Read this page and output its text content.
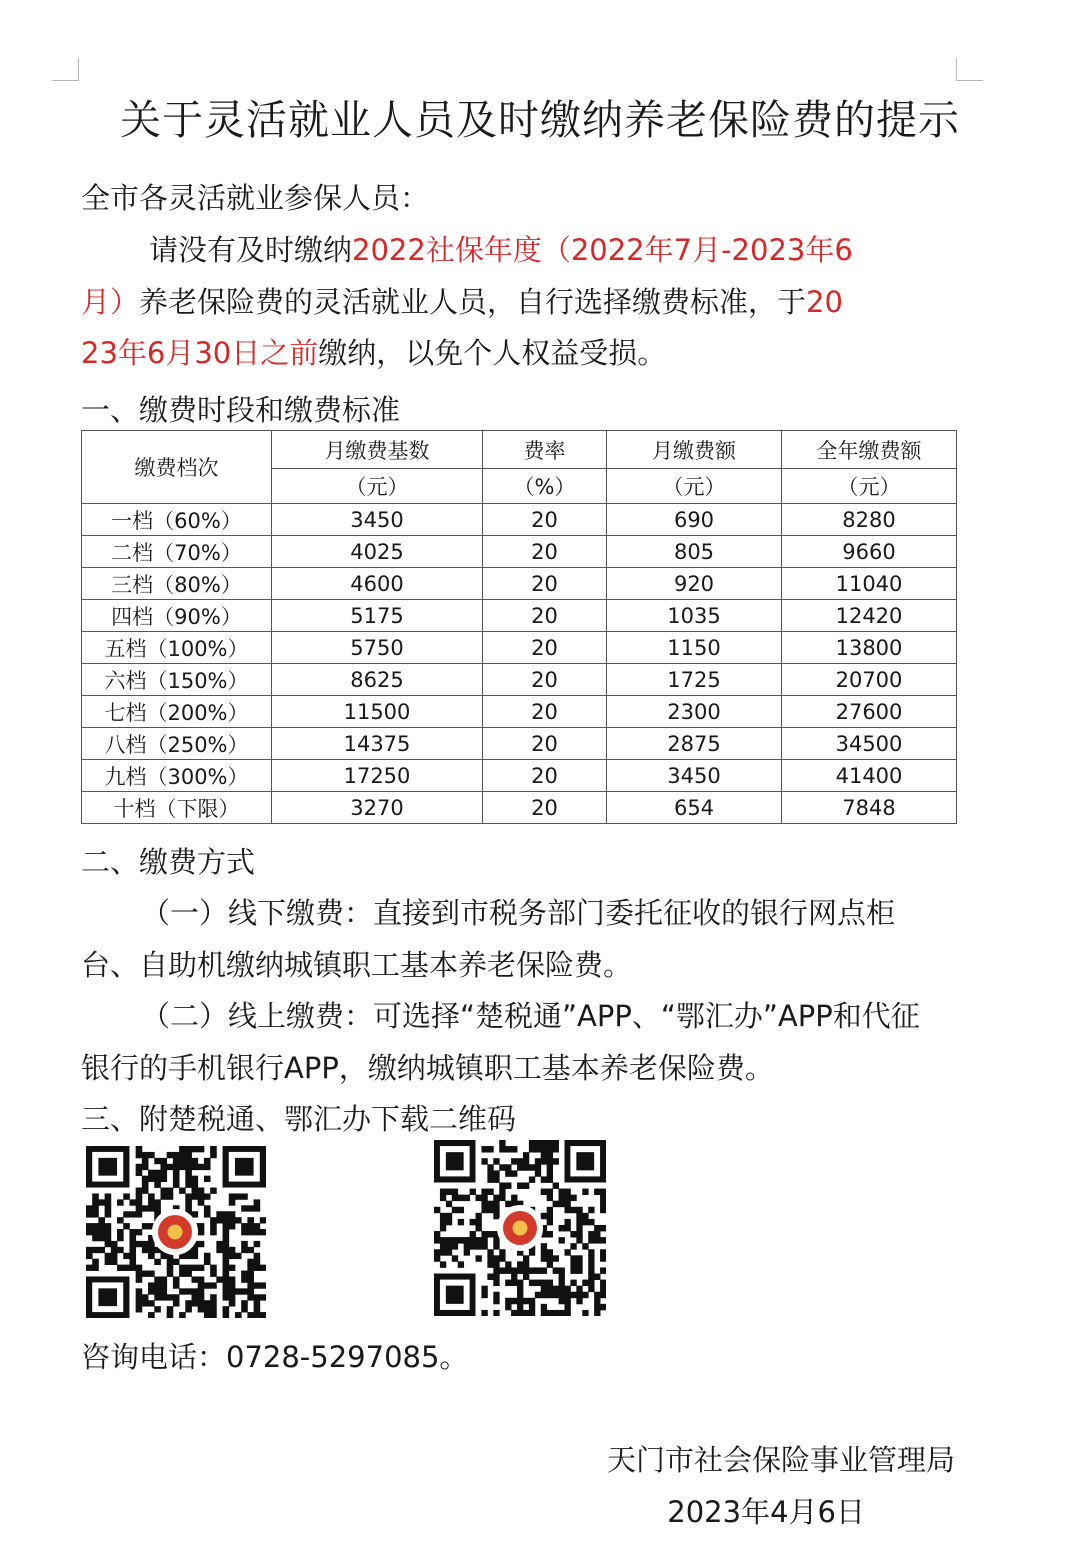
关于灵活就业人员及时缴纳养老保险费的提示
全市各灵活就业参保人员：
请没有及时缴纳2022社保年度（2022年7月-2023年6
月）养老保险费的灵活就业人员，自行选择缴费标准，于20
23年6月30日之前缴纳，以免个人权益受损。
一、缴费时段和缴费标准
缴费档次	月缴费基数	费率	月缴费额	全年缴费额
	（元）	（%）	（元）	（元）
一档（60%）	3450	20	690	8280
二档（70%）	4025	20	805	9660
三档（80%）	4600	20	920	11040
四档（90%）	5175	20	1035	12420
五档（100%）	5750	20	1150	13800
六档（150%）	8625	20	1725	20700
七档（200%）	11500	20	2300	27600
八档（250%）	14375	20	2875	34500
九档（300%）	17250	20	3450	41400
十档（下限）	3270	20	654	7848
二、缴费方式
（一）线下缴费：直接到市税务部门委托征收的银行网点柜
台、自助机缴纳城镇职工基本养老保险费。
（二）线上缴费：可选择“楚税通”APP、“鄂汇办”APP和代征
银行的手机银行APP，缴纳城镇职工基本养老保险费。
三、附楚税通、鄂汇办下载二维码
咨询电话：0728-5297085。
天门市社会保险事业管理局
2023年4月6日
